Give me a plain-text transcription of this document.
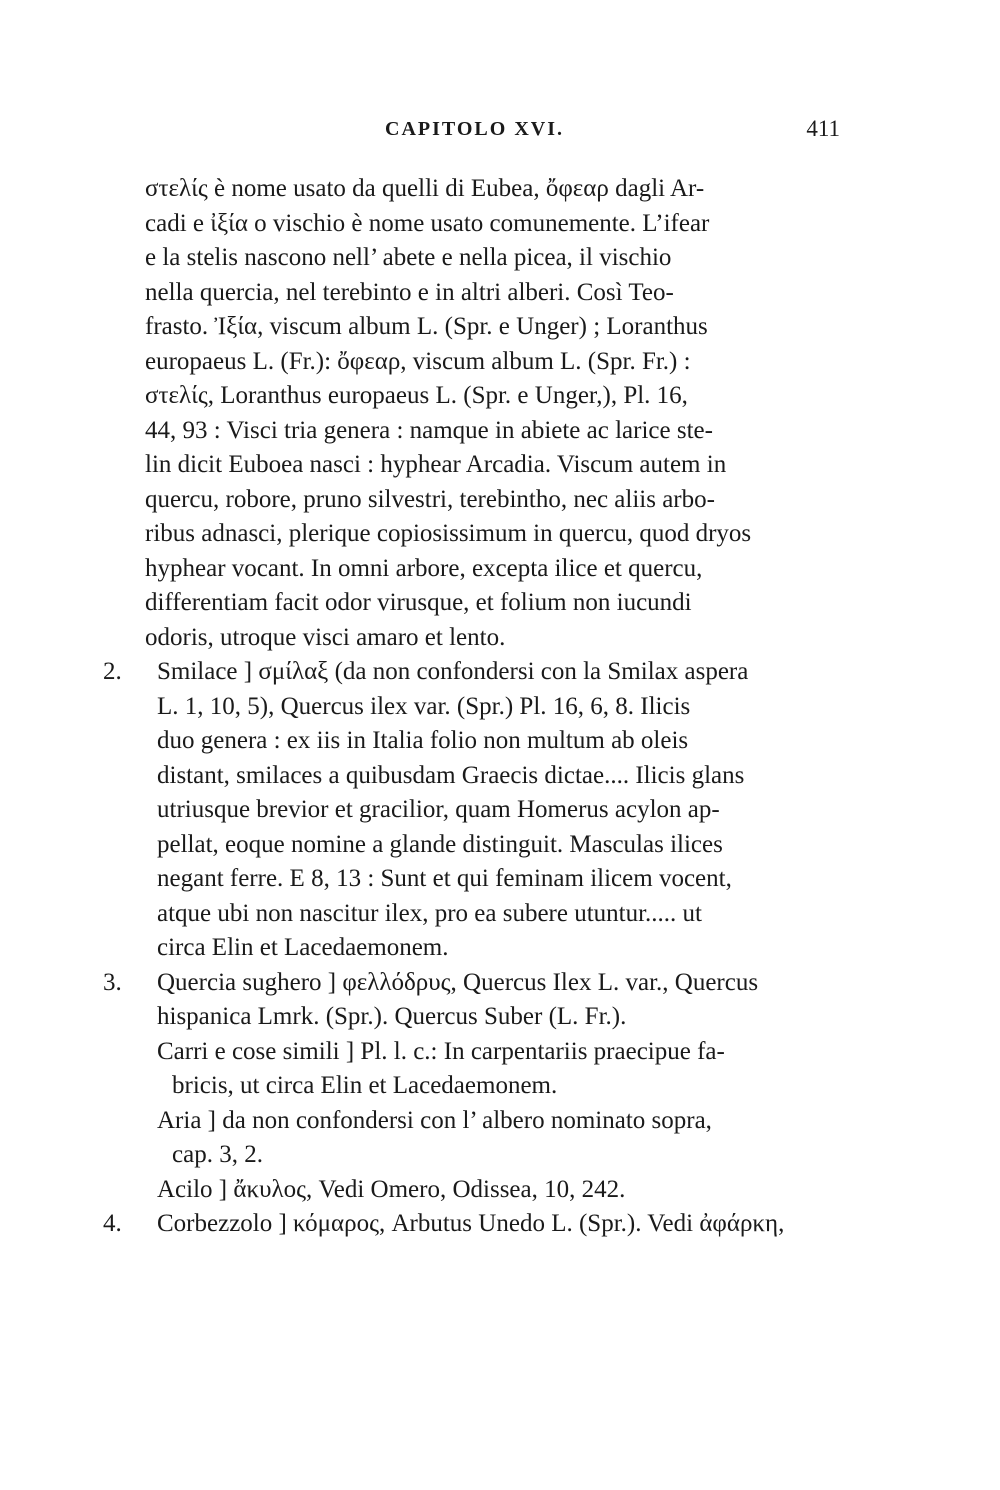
CAPITOLO XVI.	411
στελίς è nome usato da quelli di Eubea, ὄφεαρ dagli Ar-
cadi e ἰξία o vischio è nome usato comunemente. L’ifear
e la stelis nascono nell’ abete e nella picea, il vischio
nella quercia, nel terebinto e in altri alberi. Così Teo-
frasto. Ἰξία, viscum album L. (Spr. e Unger) ; Loranthus
europaeus L. (Fr.): ὄφεαρ, viscum album L. (Spr. Fr.) :
στελίς, Loranthus europaeus L. (Spr. e Unger,), Pl. 16,
44, 93 : Visci tria genera : namque in abiete ac larice ste-
lin dicit Euboea nasci : hyphear Arcadia. Viscum autem in
quercu, robore, pruno silvestri, terebintho, nec aliis arbo-
ribus adnasci, plerique copiosissimum in quercu, quod dryos
hyphear vocant. In omni arbore, excepta ilice et quercu,
differentiam facit odor virusque, et folium non iucundi
odoris, utroque visci amaro et lento.
2. Smilace ] σμίλαξ (da non confondersi con la Smilax aspera
L. 1, 10, 5), Quercus ilex var. (Spr.) Pl. 16, 6, 8. Ilicis
duo genera : ex iis in Italia folio non multum ab oleis
distant, smilaces a quibusdam Graecis dictae.... Ilicis glans
utriusque brevior et gracilior, quam Homerus acylon ap-
pellat, eoque nomine a glande distinguit. Masculas ilices
negant ferre. E 8, 13 : Sunt et qui feminam ilicem vocent,
atque ubi non nascitur ilex, pro ea subere utuntur..... ut
circa Elin et Lacedaemonem.
3. Quercia sughero ] φελλόδρυς, Quercus Ilex L. var., Quercus
hispanica Lmrk. (Spr.). Quercus Suber (L. Fr.).
Carri e cose simili ] Pl. l. c.: In carpentariis praecipue fa-
bricis, ut circa Elin et Lacedaemonem.
Aria ] da non confondersi con l’ albero nominato sopra,
cap. 3, 2.
Acilo ] ἄκυλος, Vedi Omero, Odissea, 10, 242.
4. Corbezzolo ] κόμαρος, Arbutus Unedo L. (Spr.). Vedi ἀφάρκη,
